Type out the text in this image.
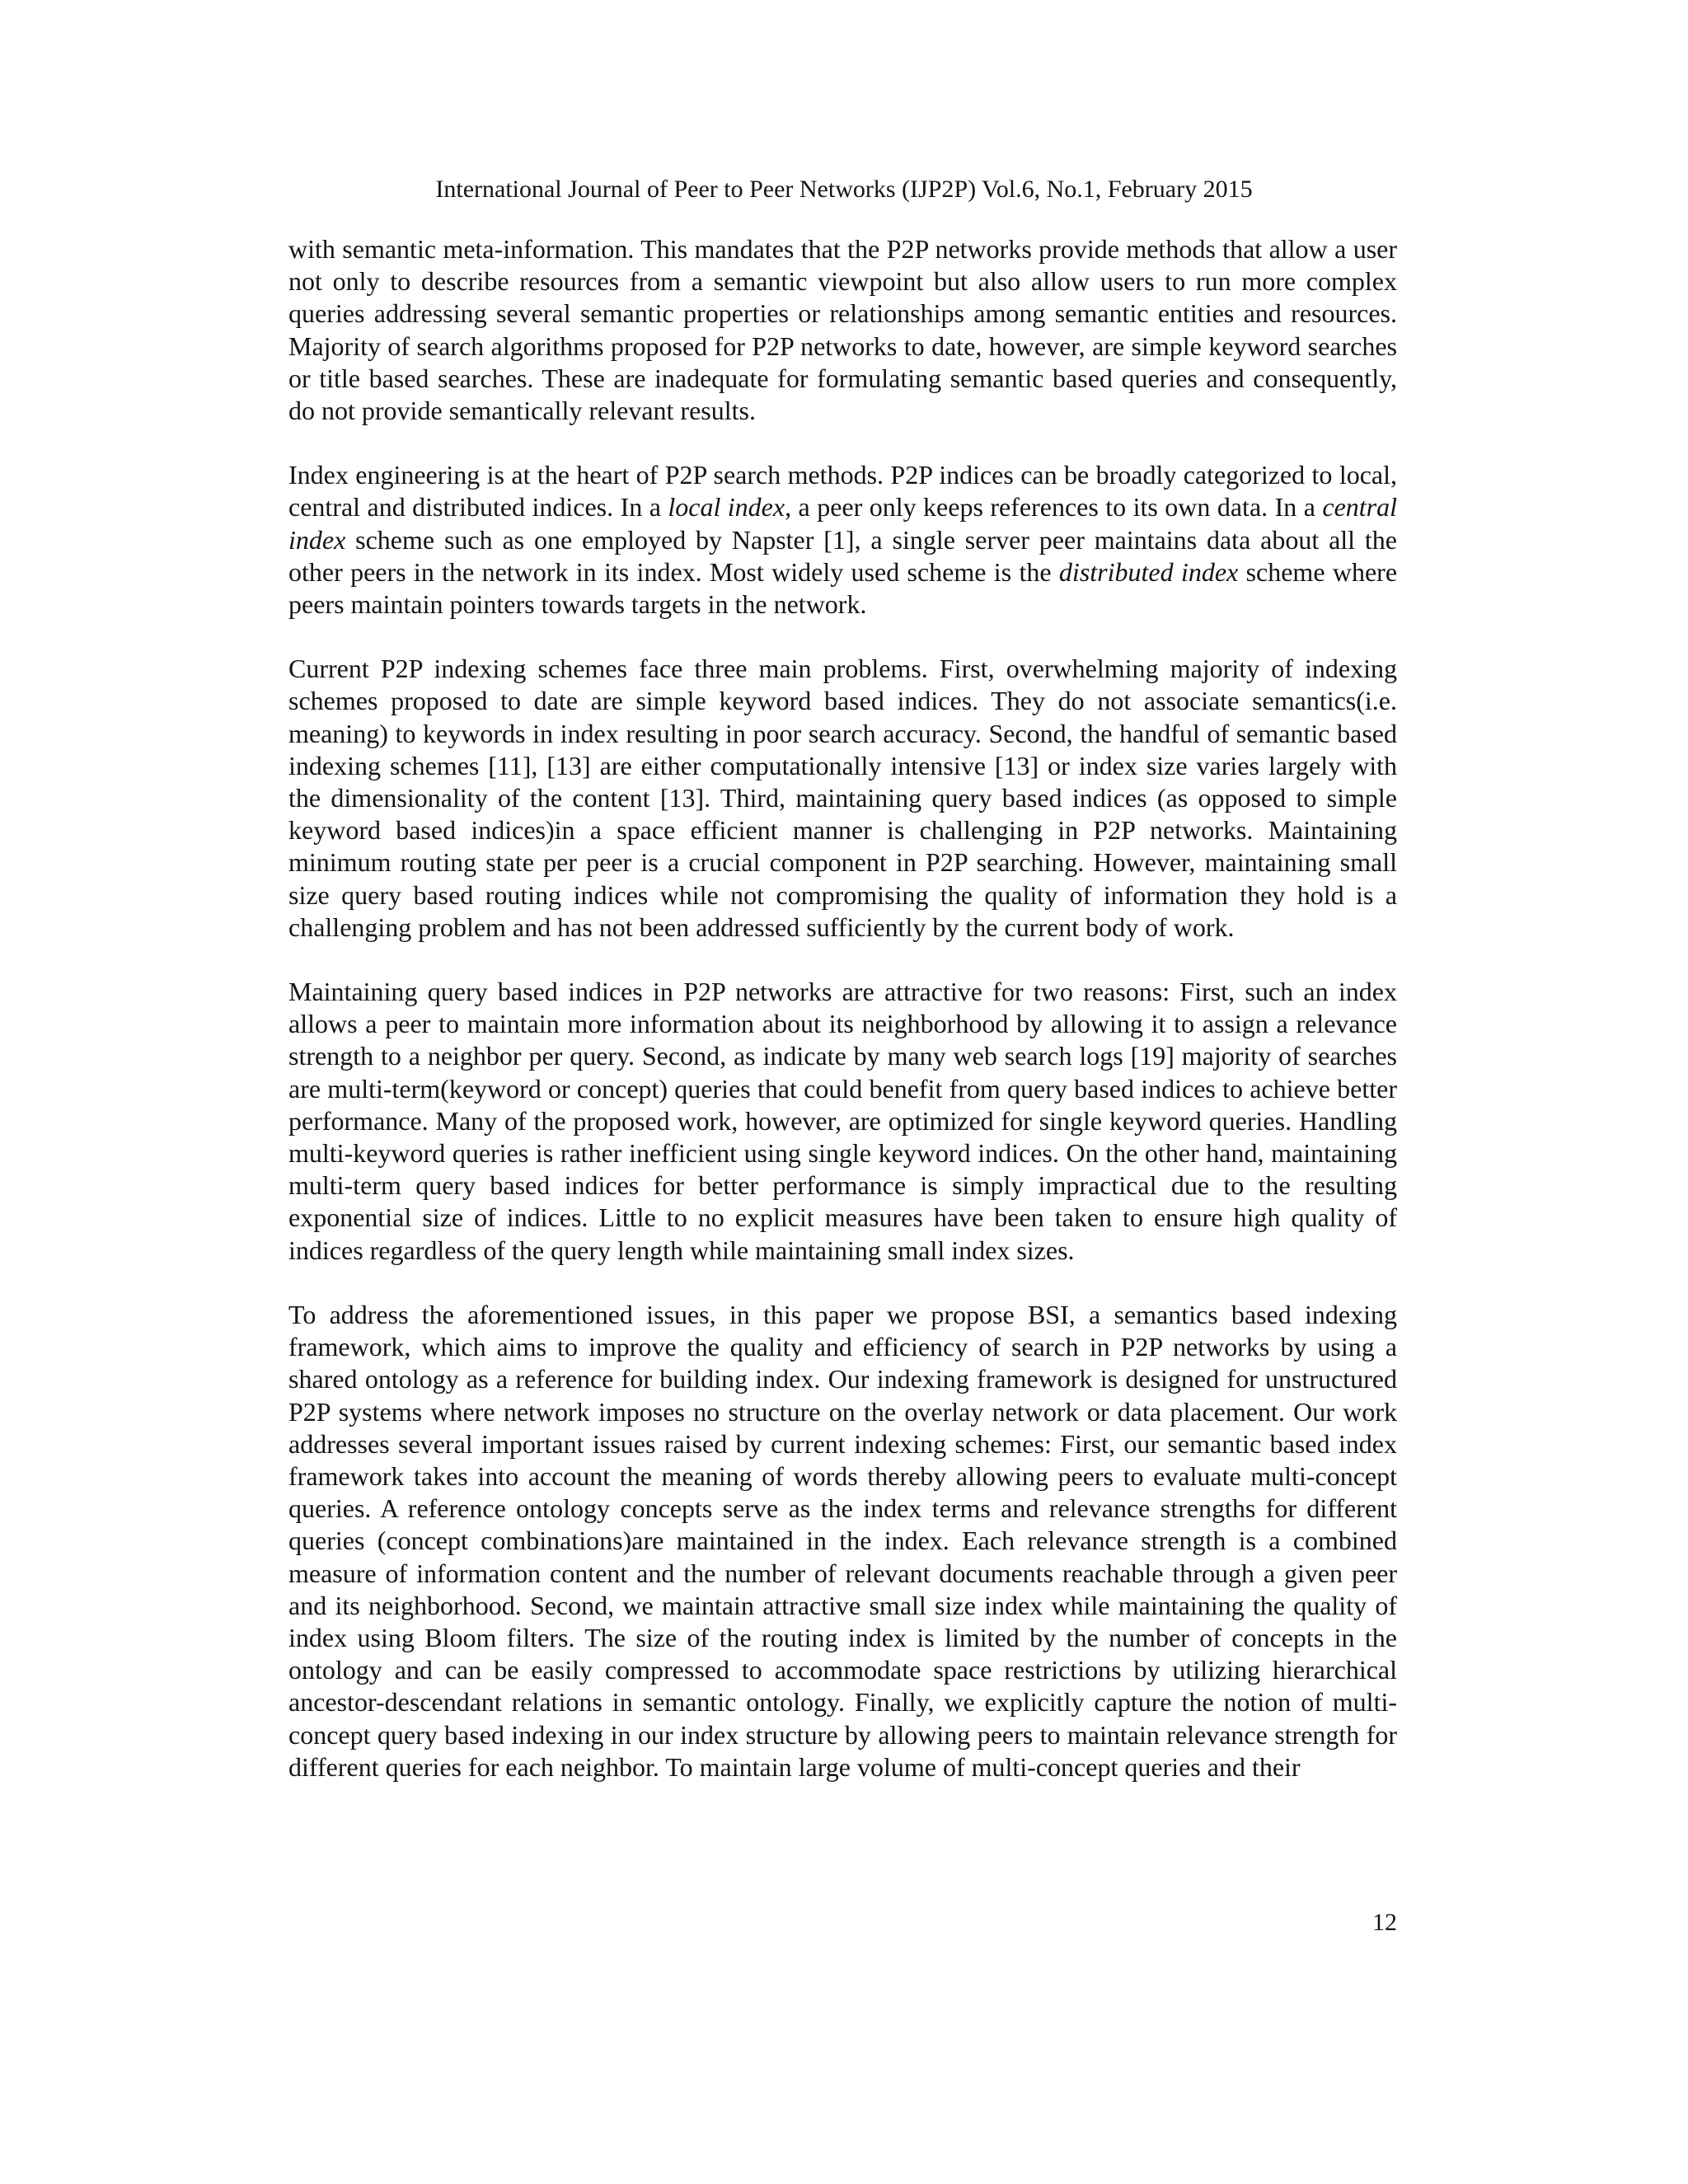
International Journal of Peer to Peer Networks (IJP2P) Vol.6, No.1, February 2015

with semantic meta-information. This mandates that the P2P networks provide methods that allow a user not only to describe resources from a semantic viewpoint but also allow users to run more complex queries addressing several semantic properties or relationships among semantic entities and resources. Majority of search algorithms proposed for P2P networks to date, however, are simple keyword searches or title based searches. These are inadequate for formulating semantic based queries and consequently, do not provide semantically relevant results.

Index engineering is at the heart of P2P search methods. P2P indices can be broadly categorized to local, central and distributed indices. In a local index, a peer only keeps references to its own data. In a central index scheme such as one employed by Napster [1], a single server peer maintains data about all the other peers in the network in its index. Most widely used scheme is the distributed index scheme where peers maintain pointers towards targets in the network.

Current P2P indexing schemes face three main problems. First, overwhelming majority of indexing schemes proposed to date are simple keyword based indices. They do not associate semantics(i.e. meaning) to keywords in index resulting in poor search accuracy. Second, the handful of semantic based indexing schemes [11], [13] are either computationally intensive [13] or index size varies largely with the dimensionality of the content [13]. Third, maintaining query based indices (as opposed to simple keyword based indices)in a space efficient manner is challenging in P2P networks. Maintaining minimum routing state per peer is a crucial component in P2P searching. However, maintaining small size query based routing indices while not compromising the quality of information they hold is a challenging problem and has not been addressed sufficiently by the current body of work.

Maintaining query based indices in P2P networks are attractive for two reasons: First, such an index allows a peer to maintain more information about its neighborhood by allowing it to assign a relevance strength to a neighbor per query. Second, as indicate by many web search logs [19] majority of searches are multi-term(keyword or concept) queries that could benefit from query based indices to achieve better performance. Many of the proposed work, however, are optimized for single keyword queries. Handling multi-keyword queries is rather inefficient using single keyword indices. On the other hand, maintaining multi-term query based indices for better performance is simply impractical due to the resulting exponential size of indices. Little to no explicit measures have been taken to ensure high quality of indices regardless of the query length while maintaining small index sizes.

To address the aforementioned issues, in this paper we propose BSI, a semantics based indexing framework, which aims to improve the quality and efficiency of search in P2P networks by using a shared ontology as a reference for building index. Our indexing framework is designed for unstructured P2P systems where network imposes no structure on the overlay network or data placement. Our work addresses several important issues raised by current indexing schemes: First, our semantic based index framework takes into account the meaning of words thereby allowing peers to evaluate multi-concept queries. A reference ontology concepts serve as the index terms and relevance strengths for different queries (concept combinations)are maintained in the index. Each relevance strength is a combined measure of information content and the number of relevant documents reachable through a given peer and its neighborhood. Second, we maintain attractive small size index while maintaining the quality of index using Bloom filters. The size of the routing index is limited by the number of concepts in the ontology and can be easily compressed to accommodate space restrictions by utilizing hierarchical ancestor-descendant relations in semantic ontology. Finally, we explicitly capture the notion of multi-concept query based indexing in our index structure by allowing peers to maintain relevance strength for different queries for each neighbor. To maintain large volume of multi-concept queries and their

12
